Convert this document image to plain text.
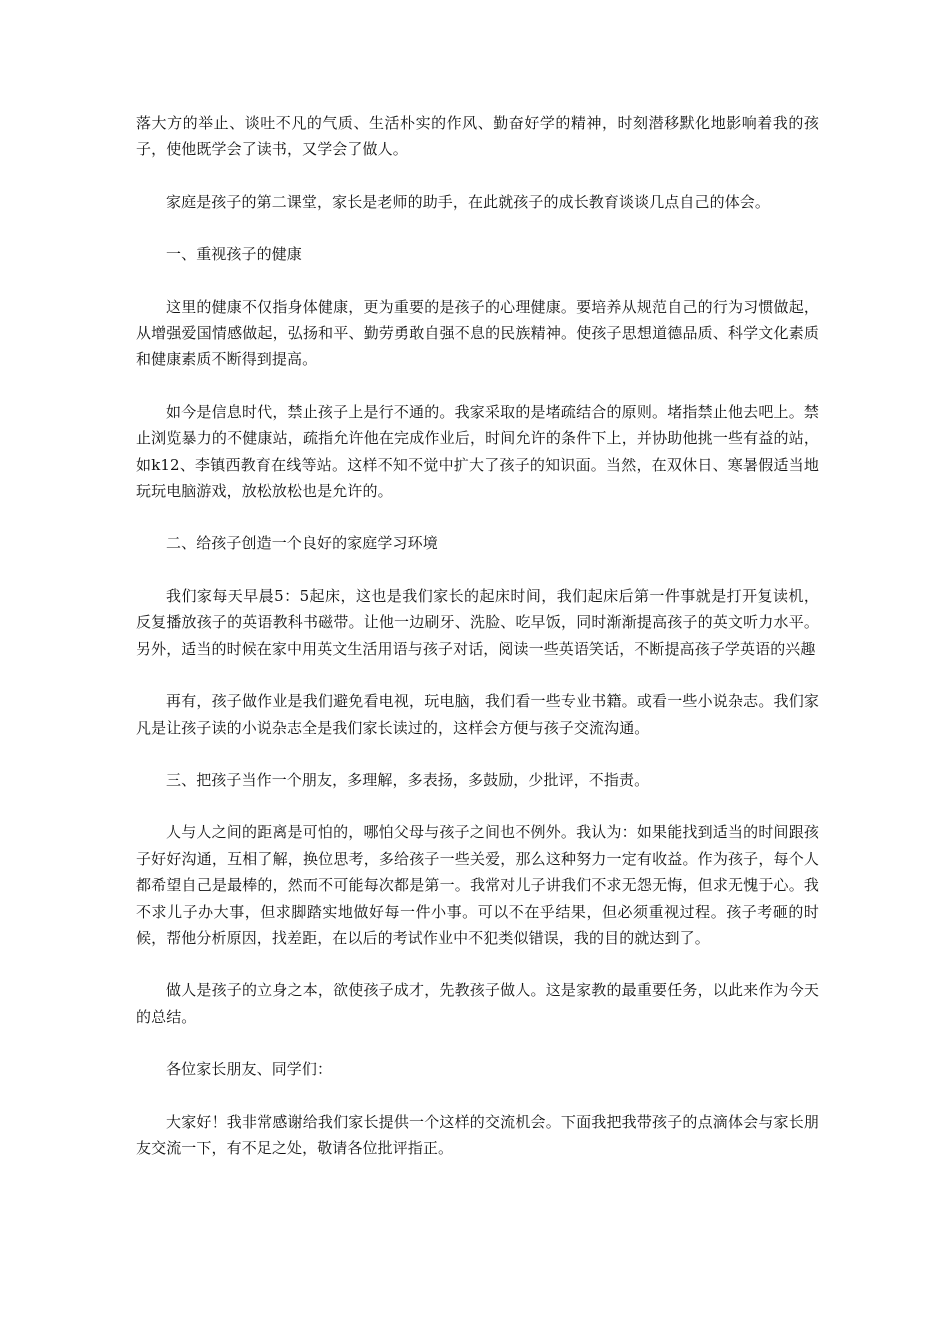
落大方的举止、谈吐不凡的气质、生活朴实的作风、勤奋好学的精神，时刻潜移默化地影响着我的孩子，使他既学会了读书，又学会了做人。

家庭是孩子的第二课堂，家长是老师的助手，在此就孩子的成长教育谈谈几点自己的体会。

一、重视孩子的健康

这里的健康不仅指身体健康，更为重要的是孩子的心理健康。要培养从规范自己的行为习惯做起，从增强爱国情感做起，弘扬和平、勤劳勇敢自强不息的民族精神。使孩子思想道德品质、科学文化素质和健康素质不断得到提高。

如今是信息时代，禁止孩子上是行不通的。我家采取的是堵疏结合的原则。堵指禁止他去吧上。禁止浏览暴力的不健康站，疏指允许他在完成作业后，时间允许的条件下上，并协助他挑一些有益的站，如k12、李镇西教育在线等站。这样不知不觉中扩大了孩子的知识面。当然，在双休日、寒暑假适当地玩玩电脑游戏，放松放松也是允许的。

二、给孩子创造一个良好的家庭学习环境

我们家每天早晨5：5起床，这也是我们家长的起床时间，我们起床后第一件事就是打开复读机，反复播放孩子的英语教科书磁带。让他一边刷牙、洗脸、吃早饭，同时渐渐提高孩子的英文听力水平。另外，适当的时候在家中用英文生活用语与孩子对话，阅读一些英语笑话，不断提高孩子学英语的兴趣

再有，孩子做作业是我们避免看电视，玩电脑，我们看一些专业书籍。或看一些小说杂志。我们家凡是让孩子读的小说杂志全是我们家长读过的，这样会方便与孩子交流沟通。

三、把孩子当作一个朋友，多理解，多表扬，多鼓励，少批评，不指责。

人与人之间的距离是可怕的，哪怕父母与孩子之间也不例外。我认为：如果能找到适当的时间跟孩子好好沟通，互相了解，换位思考，多给孩子一些关爱，那么这种努力一定有收益。作为孩子，每个人都希望自己是最棒的，然而不可能每次都是第一。我常对儿子讲我们不求无怨无悔，但求无愧于心。我不求儿子办大事，但求脚踏实地做好每一件小事。可以不在乎结果，但必须重视过程。孩子考砸的时候，帮他分析原因，找差距，在以后的考试作业中不犯类似错误，我的目的就达到了。

做人是孩子的立身之本，欲使孩子成才，先教孩子做人。这是家教的最重要任务，以此来作为今天的总结。

各位家长朋友、同学们：

大家好！我非常感谢给我们家长提供一个这样的交流机会。下面我把我带孩子的点滴体会与家长朋友交流一下，有不足之处，敬请各位批评指正。
